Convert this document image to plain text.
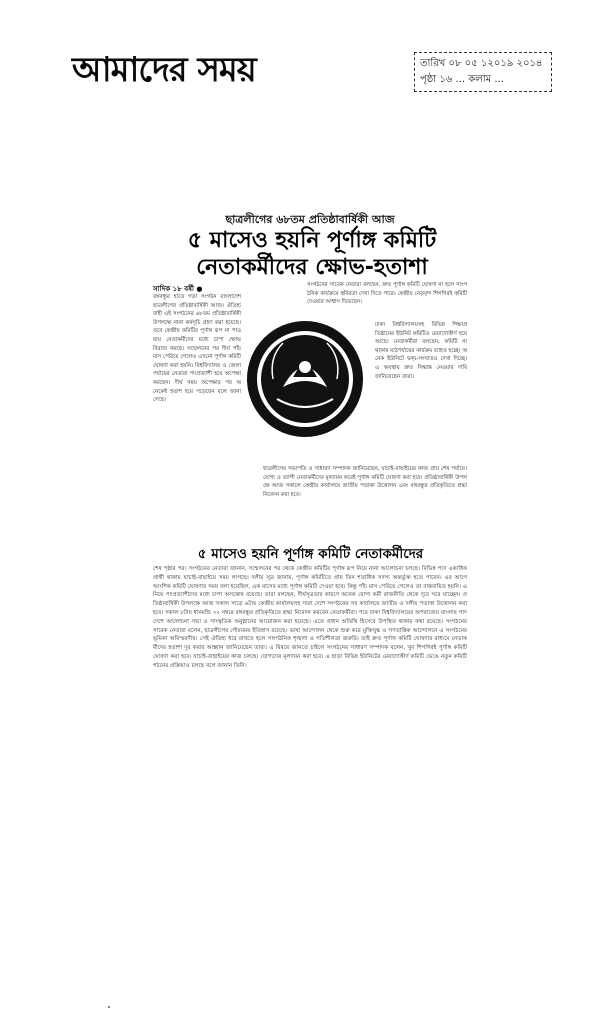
আমাদের সময়	তারিখ ০৮ ০৫ ১২০১৯ ২০১৪
পৃষ্ঠা ১৬ ... কলাম ...
ছাত্রলীগের ৬৮তম প্রতিষ্ঠাবার্ষিকী আজ
৫ মাসেও হয়নি পূর্ণাঙ্গ কমিটি
নেতাকর্মীদের ক্ষোভ-হতাশা
সাদিক ১৮ বর্ষী ●
বঙ্গবন্ধুর হাতে গড়া সংগঠন বাংলাদেশ ছাত্রলীগের প্রতিষ্ঠাবার্ষিকী আজ। ঐতিহ্যবাহী এই সংগঠনের ৬৮তম প্রতিষ্ঠাবার্ষিকী উপলক্ষে নানা কর্মসূচি গ্রহণ করা হয়েছে। তবে কেন্দ্রীয় কমিটির পূর্ণাঙ্গ রূপ না পাওয়ায় নেতাকর্মীদের মধ্যে চাপা ক্ষোভ বিরাজ করছে। সম্মেলনের পর দীর্ঘ পাঁচ মাস পেরিয়ে গেলেও এখনো পূর্ণাঙ্গ কমিটি ঘোষণা করা হয়নি। বিশ্ববিদ্যালয় ও জেলা পর্যায়ের নেতারা পদপ্রত্যাশী হয়ে অপেক্ষা করছেন। দীর্ঘ সময় অপেক্ষার পর অনেকেই হতাশ হয়ে পড়েছেন বলে জানা গেছে।
সংগঠনের সাবেক নেতারা বলছেন, দ্রুত পূর্ণাঙ্গ কমিটি ঘোষণা না হলে সাংগঠনিক কার্যক্রমে স্থবিরতা দেখা দিতে পারে। কেন্দ্রীয় নেতৃবৃন্দ শিগগিরই কমিটি দেওয়ার আশ্বাস দিয়েছেন।
ঢাকা বিশ্ববিদ্যালয়সহ বিভিন্ন শিক্ষাপ্রতিষ্ঠানের ইউনিট কমিটিও মেয়াদোত্তীর্ণ হয়ে আছে। নেতাকর্মীরা বলছেন, কমিটি না থাকায় মাঠপর্যায়ের কার্যক্রম ব্যাহত হচ্ছে। অনেক ইউনিটে দ্বন্দ্ব-সংঘাতও দেখা দিচ্ছে। এ অবস্থায় দ্রুত সিদ্ধান্ত নেওয়ার দাবি জানিয়েছেন তারা।
ছাত্রলীগের সভাপতি ও সাধারণ সম্পাদক জানিয়েছেন, যাচাই-বাছাইয়ের কাজ প্রায় শেষ পর্যায়ে। যোগ্য ও ত্যাগী নেতাকর্মীদের মূল্যায়ন করেই পূর্ণাঙ্গ কমিটি ঘোষণা করা হবে। প্রতিষ্ঠাবার্ষিকী উপলক্ষে আজ সকালে কেন্দ্রীয় কার্যালয়ে জাতীয় পতাকা উত্তোলন এবং বঙ্গবন্ধুর প্রতিকৃতিতে শ্রদ্ধা নিবেদন করা হবে।
৫ মাসেও হয়নি পূর্ণাঙ্গ কমিটি নেতাকর্মীদের
শেষ পৃষ্ঠার পর। সংগঠনের নেতারা জানান, সম্মেলনের পর থেকে কেন্দ্রীয় কমিটির পূর্ণাঙ্গ রূপ নিয়ে নানা আলোচনা চলছে। বিভিন্ন পদে একাধিক প্রার্থী থাকায় যাচাই-বাছাইয়ে সময় লাগছে। দলীয় সূত্র জানায়, পূর্ণাঙ্গ কমিটিতে প্রায় তিন শতাধিক সদস্য অন্তর্ভুক্ত হতে পারেন। এর আগে আংশিক কমিটি ঘোষণার সময় বলা হয়েছিল, এক মাসের মধ্যে পূর্ণাঙ্গ কমিটি দেওয়া হবে। কিন্তু পাঁচ মাস পেরিয়ে গেলেও তা বাস্তবায়িত হয়নি। এ নিয়ে পদপ্রত্যাশীদের মধ্যে চাপা অসন্তোষ রয়েছে। তারা বলছেন, দীর্ঘসূত্রতার কারণে অনেক যোগ্য কর্মী রাজনীতি থেকে দূরে সরে যাচ্ছেন। প্রতিষ্ঠাবার্ষিকী উপলক্ষে আজ সকাল সাড়ে ৬টায় কেন্দ্রীয় কার্যালয়সহ সারা দেশে সংগঠনের সব কার্যালয়ে জাতীয় ও দলীয় পতাকা উত্তোলন করা হবে। সকাল ৮টায় ধানমন্ডি ৩২ নম্বরে বঙ্গবন্ধুর প্রতিকৃতিতে শ্রদ্ধা নিবেদন করবেন নেতাকর্মীরা। পরে ঢাকা বিশ্ববিদ্যালয়ের অপরাজেয় বাংলার পাদদেশে আলোচনা সভা ও সাংস্কৃতিক অনুষ্ঠানের আয়োজন করা হয়েছে। এতে প্রধান অতিথি হিসেবে উপস্থিত থাকার কথা রয়েছে। সংগঠনের সাবেক নেতারা বলেন, ছাত্রলীগের গৌরবময় ইতিহাস রয়েছে। ভাষা আন্দোলন থেকে শুরু করে মুক্তিযুদ্ধ ও গণতান্ত্রিক আন্দোলনে এ সংগঠনের ভূমিকা অবিস্মরণীয়। সেই ঐতিহ্য ধরে রাখতে হলে সাংগঠনিক শৃঙ্খলা ও গতিশীলতা জরুরি। তাই দ্রুত পূর্ণাঙ্গ কমিটি ঘোষণার মাধ্যমে নেতাকর্মীদের হতাশা দূর করার আহ্বান জানিয়েছেন তারা। এ বিষয়ে জানতে চাইলে সংগঠনের সাধারণ সম্পাদক বলেন, খুব শিগগিরই পূর্ণাঙ্গ কমিটি ঘোষণা করা হবে। যাচাই-বাছাইয়ের কাজ চলছে। যোগ্যদের মূল্যায়ন করা হবে। এ ছাড়া বিভিন্ন ইউনিটের মেয়াদোত্তীর্ণ কমিটি ভেঙে নতুন কমিটি গঠনের প্রক্রিয়াও চলছে বলে জানান তিনি।
